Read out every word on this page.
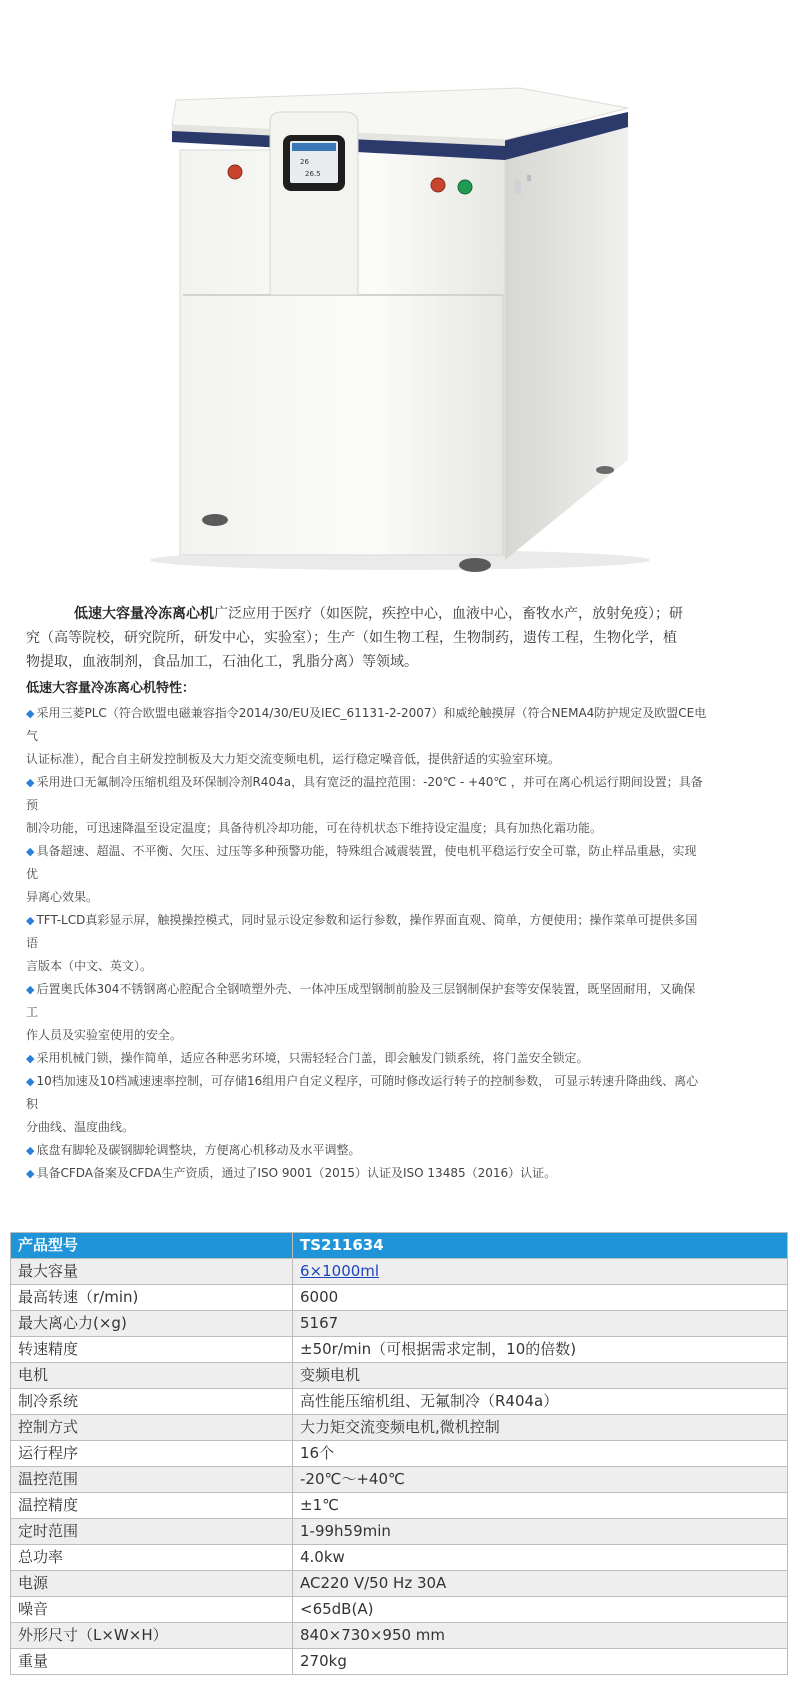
26
26.5

低速大容量冷冻离心机广泛应用于医疗（如医院，疾控中心，血液中心，畜牧水产，放射免疫）；研
究（高等院校，研究院所，研发中心，实验室）；生产（如生物工程，生物制药，遗传工程，生物化学，植
物提取，血液制剂，食品加工，石油化工，乳脂分离）等领域。

低速大容量冷冻离心机特性：

◆ 采用三菱PLC（符合欧盟电磁兼容指令2014/30/EU及IEC_61131-2-2007）和威纶触摸屏（符合NEMA4防护规定及欧盟CE电
气
认证标准），配合自主研发控制板及大力矩交流变频电机，运行稳定噪音低，提供舒适的实验室环境。
◆ 采用进口无氟制冷压缩机组及环保制冷剂R404a，具有宽泛的温控范围：-20℃ - +40℃ ，并可在离心机运行期间设置；具备
预
制冷功能，可迅速降温至设定温度；具备待机冷却功能，可在待机状态下维持设定温度；具有加热化霜功能。
◆ 具备超速、超温、不平衡、欠压、过压等多种预警功能，特殊组合减震装置，使电机平稳运行安全可靠，防止样品重悬，实现
优
异离心效果。
◆ TFT-LCD真彩显示屏，触摸操控模式，同时显示设定参数和运行参数，操作界面直观、简单，方便使用；操作菜单可提供多国
语
言版本（中文、英文）。
◆ 后置奥氏体304不锈钢离心腔配合全钢喷塑外壳、一体冲压成型钢制前脸及三层钢制保护套等安保装置，既坚固耐用，又确保
工
作人员及实验室使用的安全。
◆ 采用机械门锁，操作简单，适应各种恶劣环境，只需轻轻合门盖，即会触发门锁系统，将门盖安全锁定。
◆ 10档加速及10档减速速率控制，可存储16组用户自定义程序，可随时修改运行转子的控制参数， 可显示转速升降曲线、离心
积
分曲线、温度曲线。
◆ 底盘有脚轮及碳钢脚轮调整块，方便离心机移动及水平调整。
◆ 具备CFDA备案及CFDA生产资质，通过了ISO 9001（2015）认证及ISO 13485（2016）认证。
产品型号	TS211634
最大容量	6×1000ml
最高转速（r/min)	6000
最大离心力(×g)	5167
转速精度	±50r/min（可根据需求定制，10的倍数)
电机	变频电机
制冷系统	高性能压缩机组、无氟制冷（R404a）
控制方式	大力矩交流变频电机,微机控制
运行程序	16个
温控范围	-20℃～+40℃
温控精度	±1℃
定时范围	1-99h59min
总功率	4.0kw
电源	AC220 V/50 Hz 30A
噪音	<65dB(A)
外形尺寸（L×W×H）	840×730×950 mm
重量	270kg
